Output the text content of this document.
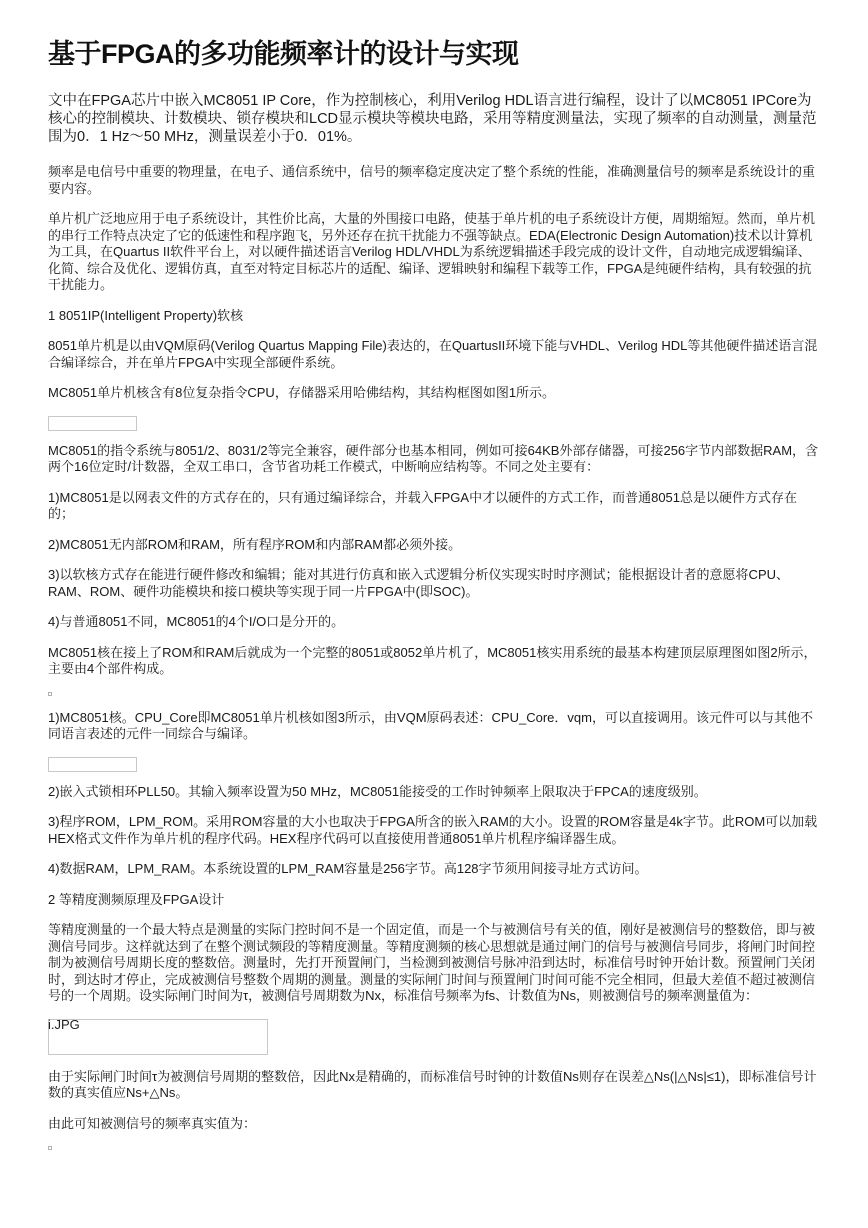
基于FPGA的多功能频率计的设计与实现

文中在FPGA芯片中嵌入MC8051 IP Core，作为控制核心，利用Verilog HDL语言进行编程，设计了以MC8051 IPCore为核心的控制模块、计数模块、锁存模块和LCD显示模块等模块电路，采用等精度测量法，实现了频率的自动测量，测量范围为0．1 Hz～50 MHz，测量误差小于0．01%。

频率是电信号中重要的物理量，在电子、通信系统中，信号的频率稳定度决定了整个系统的性能，准确测量信号的频率是系统设计的重要内容。

单片机广泛地应用于电子系统设计，其性价比高，大量的外围接口电路，使基于单片机的电子系统设计方便，周期缩短。然而，单片机的串行工作特点决定了它的低速性和程序跑飞，另外还存在抗干扰能力不强等缺点。EDA(Electronic Design Automation)技术以计算机为工具，在Quartus II软件平台上，对以硬件描述语言Verilog HDL/VHDL为系统逻辑描述手段完成的设计文件，自动地完成逻辑编译、化简、综合及优化、逻辑仿真，直至对特定目标芯片的适配、编译、逻辑映射和编程下载等工作，FPGA是纯硬件结构，具有较强的抗干扰能力。

1 8051IP(Intelligent Property)软核

8051单片机是以由VQM原码(Verilog Quartus Mapping File)表达的，在QuartusII环境下能与VHDL、Verilog HDL等其他硬件描述语言混合编译综合，并在单片FPGA中实现全部硬件系统。

MC8051单片机核含有8位复杂指令CPU，存储器采用哈佛结构，其结构框图如图1所示。

MC8051的指令系统与8051/2、8031/2等完全兼容，硬件部分也基本相同，例如可接64KB外部存储器，可接256字节内部数据RAM，含两个16位定时/计数器，全双工串口，含节省功耗工作模式，中断响应结构等。不同之处主要有：

1)MC8051是以网表文件的方式存在的，只有通过编译综合，并载入FPGA中才以硬件的方式工作，而普通8051总是以硬件方式存在的；

2)MC8051无内部ROM和RAM，所有程序ROM和内部RAM都必须外接。

3)以软核方式存在能进行硬件修改和编辑；能对其进行仿真和嵌入式逻辑分析仪实现实时时序测试；能根据设计者的意愿将CPU、RAM、ROM、硬件功能模块和接口模块等实现于同一片FPGA中(即SOC)。

4)与普通8051不同，MC8051的4个I/O口是分开的。

MC8051核在接上了ROM和RAM后就成为一个完整的8051或8052单片机了，MC8051核实用系统的最基本构建顶层原理图如图2所示，主要由4个部件构成。

1)MC8051核。CPU_Core即MC8051单片机核如图3所示，由VQM原码表述：CPU_Core．vqm，可以直接调用。该元件可以与其他不同语言表述的元件一同综合与编译。

2)嵌入式锁相环PLL50。其输入频率设置为50 MHz，MC8051能接受的工作时钟频率上限取决于FPCA的速度级别。

3)程序ROM，LPM_ROM。采用ROM容量的大小也取决于FPGA所含的嵌入RAM的大小。设置的ROM容量是4k字节。此ROM可以加载HEX格式文件作为单片机的程序代码。HEX程序代码可以直接使用普通8051单片机程序编译器生成。

4)数据RAM，LPM_RAM。本系统设置的LPM_RAM容量是256字节。高128字节须用间接寻址方式访问。

2 等精度测频原理及FPGA设计

等精度测量的一个最大特点是测量的实际门控时间不是一个固定值，而是一个与被测信号有关的值，刚好是被测信号的整数倍，即与被测信号同步。这样就达到了在整个测试频段的等精度测量。等精度测频的核心思想就是通过闸门的信号与被测信号同步，将闸门时间控制为被测信号周期长度的整数倍。测量时，先打开预置闸门，当检测到被测信号脉冲沿到达时，标准信号时钟开始计数。预置闸门关闭时，到达时才停止，完成被测信号整数个周期的测量。测量的实际闸门时间与预置闸门时间可能不完全相同，但最大差值不超过被测信号的一个周期。设实际闸门时间为τ，被测信号周期数为Nx，标准信号频率为fs、计数值为Ns，则被测信号的频率测量值为：

i.JPG

由于实际闸门时间τ为被测信号周期的整数倍，因此Nx是精确的，而标准信号时钟的计数值Ns则存在误差△Ns(|△Ns|≤1)，即标准信号计数的真实值应Ns+△Ns。

由此可知被测信号的频率真实值为：
